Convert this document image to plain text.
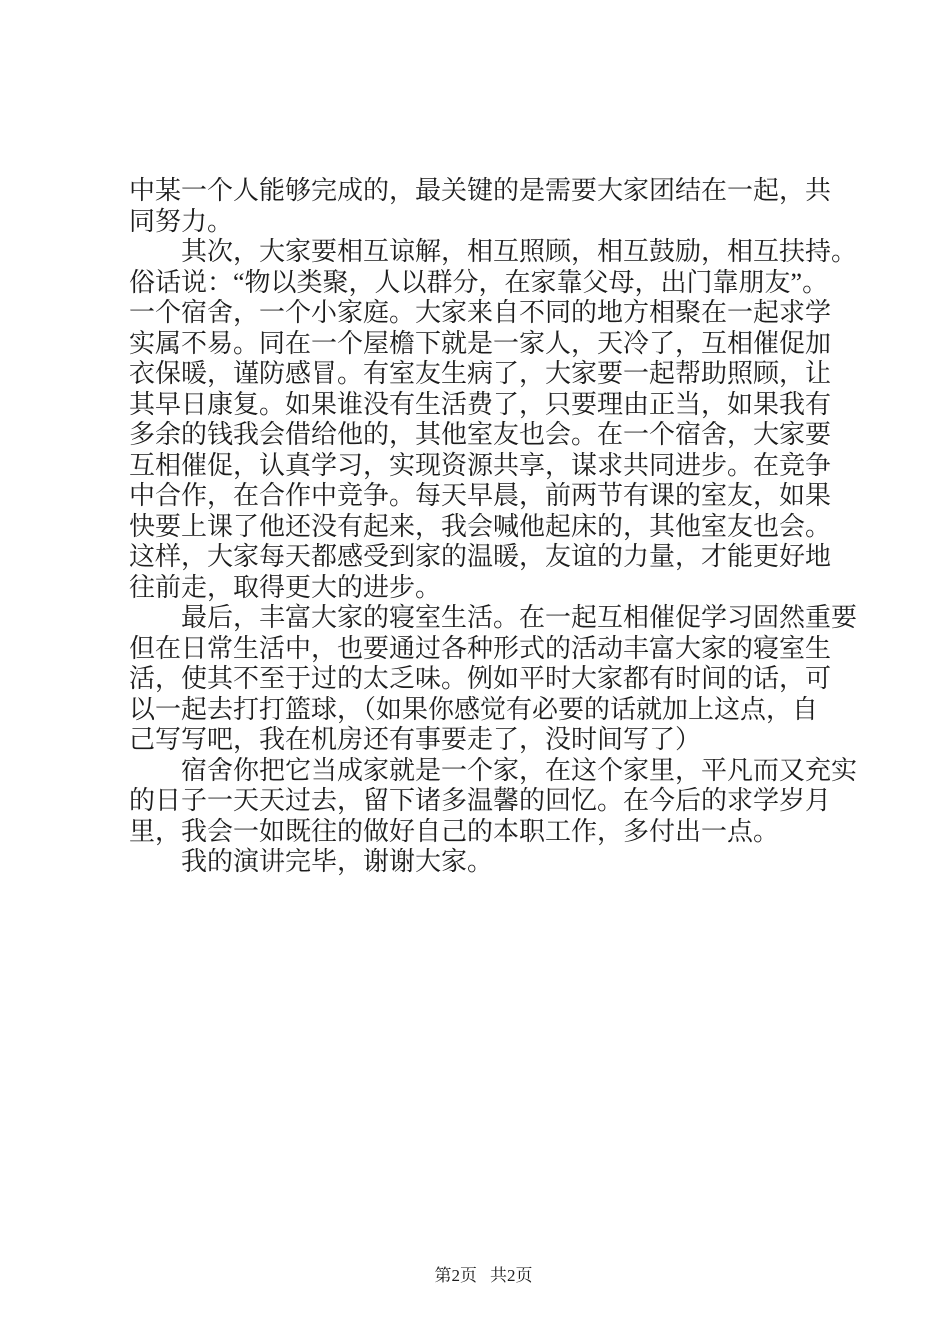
中某一个人能够完成的，最关键的是需要大家团结在一起，共
同努力。
　　其次，大家要相互谅解，相互照顾，相互鼓励，相互扶持。
俗话说：“物以类聚，人以群分，在家靠父母，出门靠朋友”。
一个宿舍，一个小家庭。大家来自不同的地方相聚在一起求学
实属不易。同在一个屋檐下就是一家人，天冷了，互相催促加
衣保暖，谨防感冒。有室友生病了，大家要一起帮助照顾，让
其早日康复。如果谁没有生活费了，只要理由正当，如果我有
多余的钱我会借给他的，其他室友也会。在一个宿舍，大家要
互相催促，认真学习，实现资源共享，谋求共同进步。在竞争
中合作，在合作中竞争。每天早晨，前两节有课的室友，如果
快要上课了他还没有起来，我会喊他起床的，其他室友也会。
这样，大家每天都感受到家的温暖，友谊的力量，才能更好地
往前走，取得更大的进步。
　　最后，丰富大家的寝室生活。在一起互相催促学习固然重要
但在日常生活中，也要通过各种形式的活动丰富大家的寝室生
活，使其不至于过的太乏味。例如平时大家都有时间的话，可
以一起去打打篮球，（如果你感觉有必要的话就加上这点，自
己写写吧，我在机房还有事要走了，没时间写了）
　　宿舍你把它当成家就是一个家，在这个家里，平凡而又充实
的日子一天天过去，留下诸多温馨的回忆。在今后的求学岁月
里，我会一如既往的做好自己的本职工作，多付出一点。
　　我的演讲完毕，谢谢大家。

第2页 共2页
